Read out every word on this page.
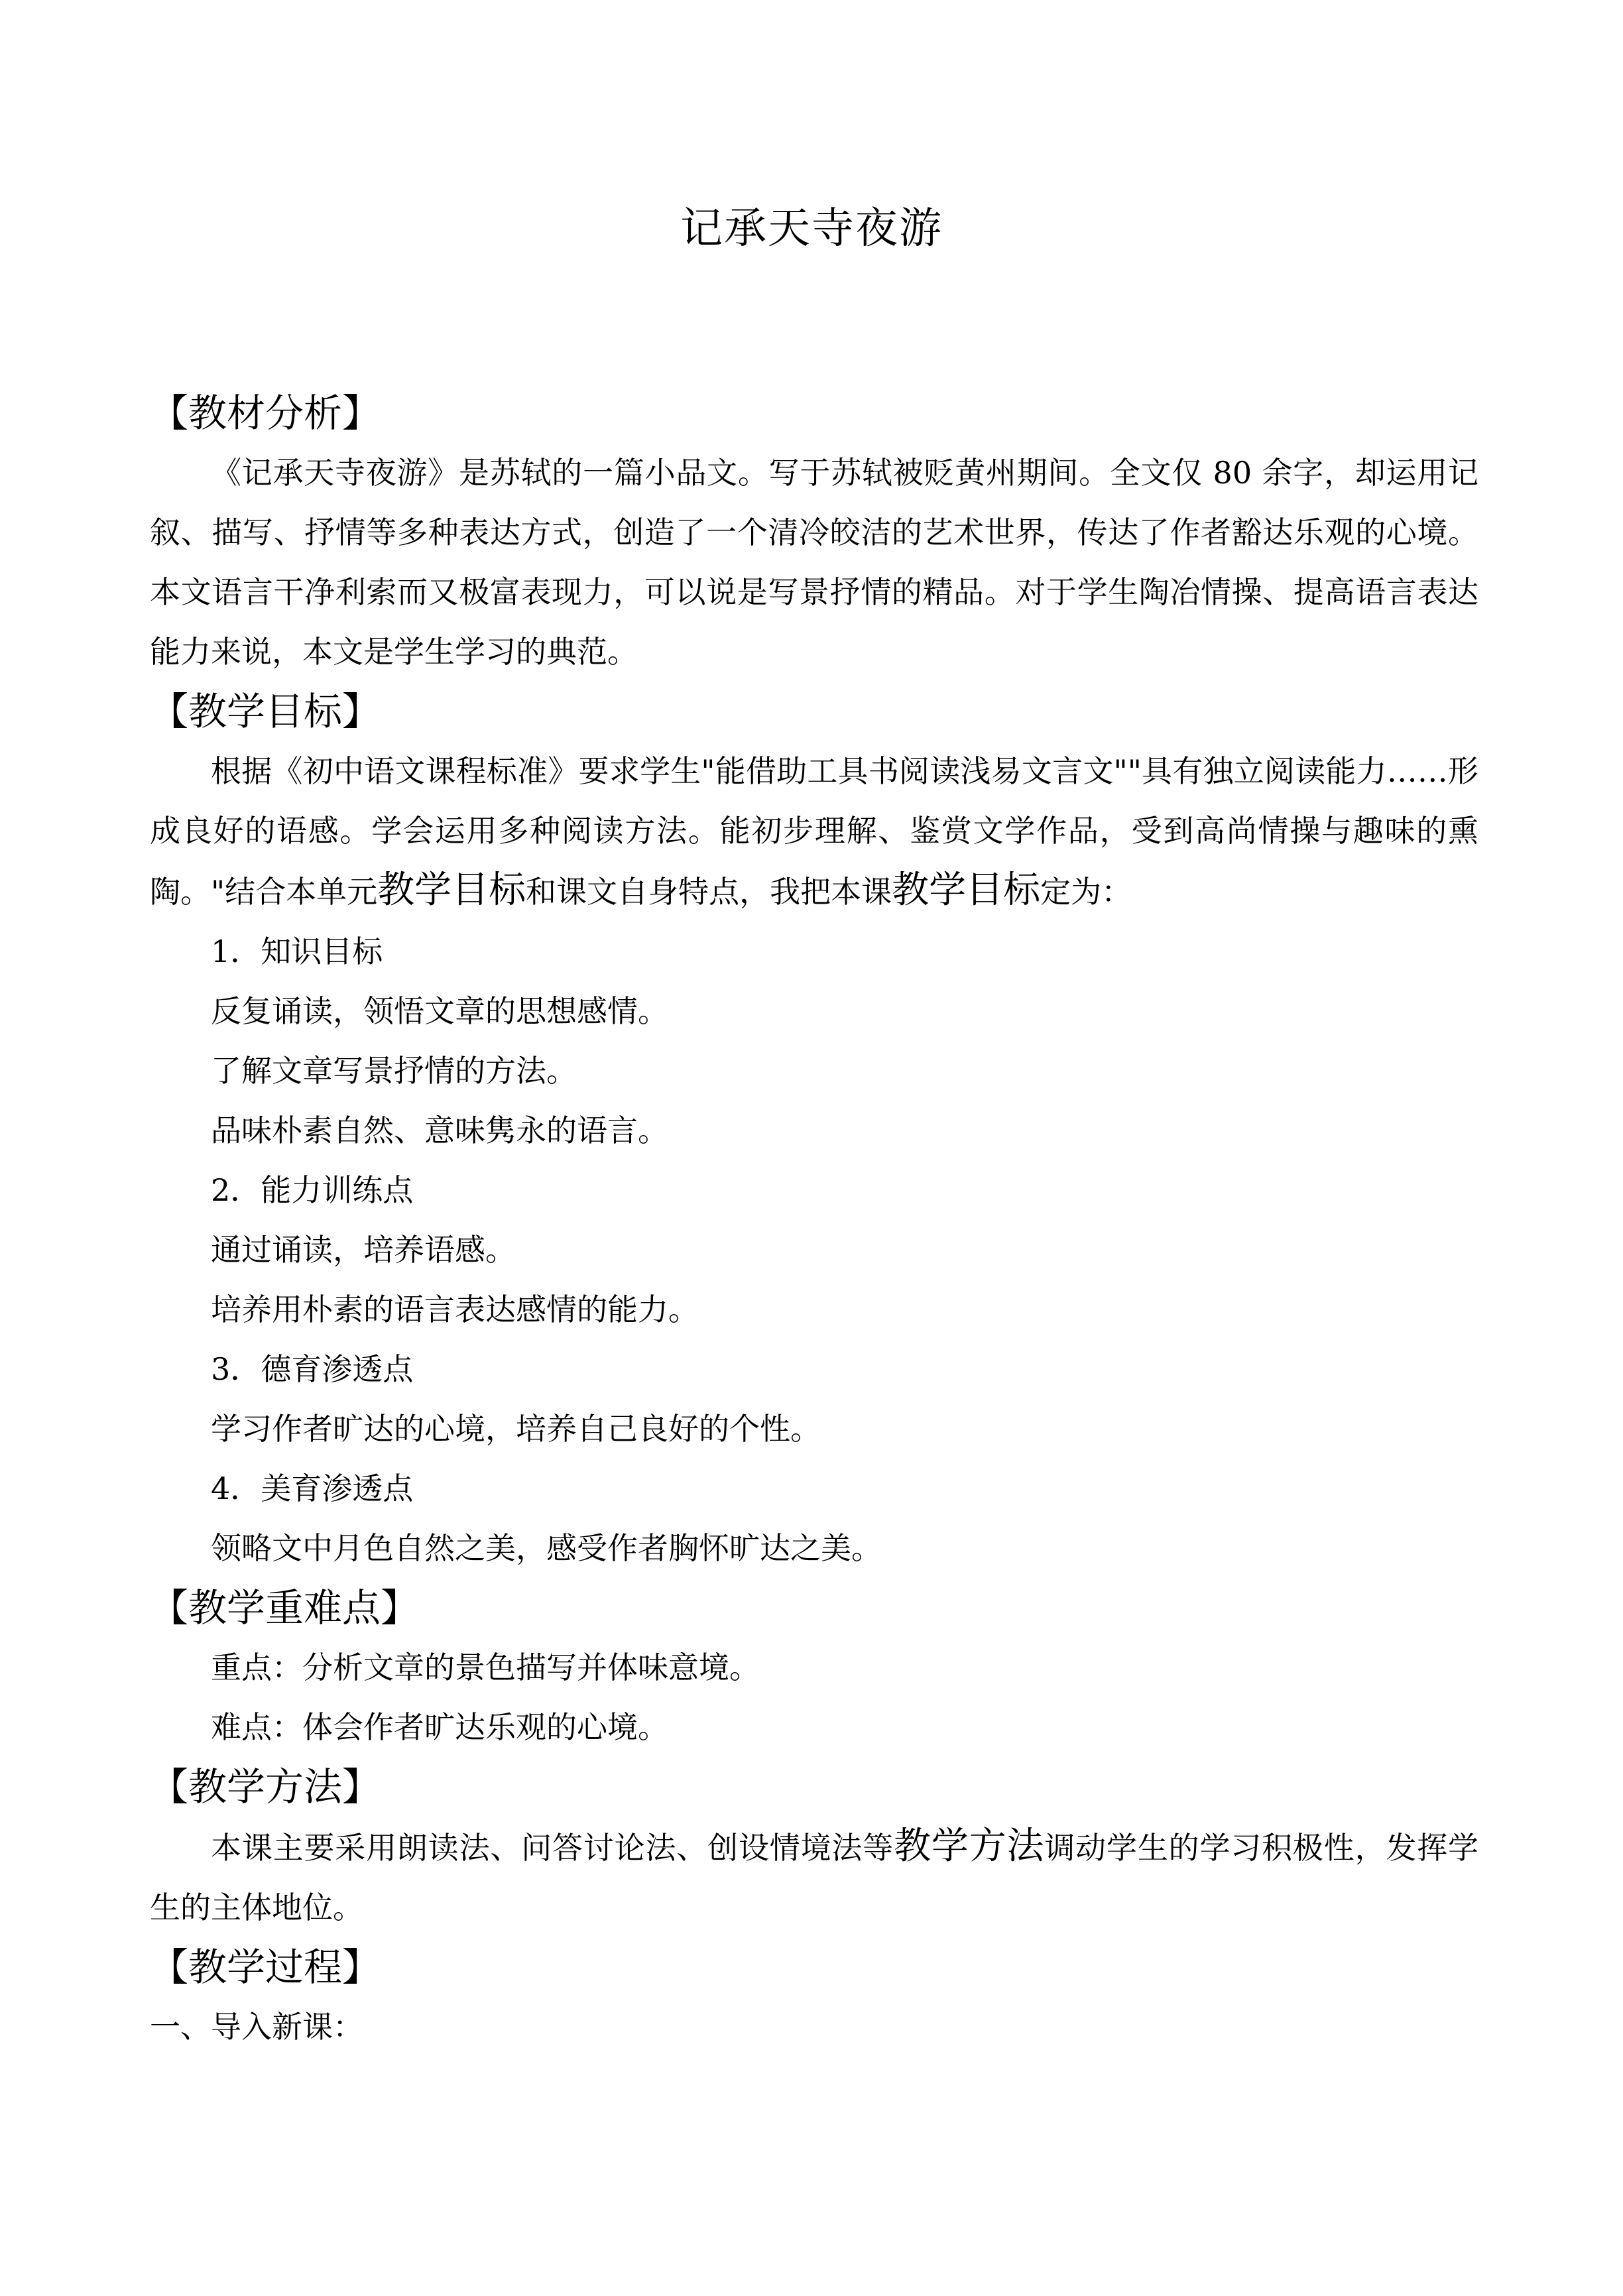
记承天寺夜游

【教材分析】

《记承天寺夜游》是苏轼的一篇小品文。写于苏轼被贬黄州期间。全文仅 80 余字，却运用记叙、描写、抒情等多种表达方式，创造了一个清冷皎洁的艺术世界，传达了作者豁达乐观的心境。本文语言干净利索而又极富表现力，可以说是写景抒情的精品。对于学生陶冶情操、提高语言表达能力来说，本文是学生学习的典范。

【教学目标】

根据《初中语文课程标准》要求学生"能借助工具书阅读浅易文言文""具有独立阅读能力……形成良好的语感。学会运用多种阅读方法。能初步理解、鉴赏文学作品，受到高尚情操与趣味的熏陶。"结合本单元教学目标和课文自身特点，我把本课教学目标定为：

1．知识目标

反复诵读，领悟文章的思想感情。

了解文章写景抒情的方法。

品味朴素自然、意味隽永的语言。

2．能力训练点

通过诵读，培养语感。

培养用朴素的语言表达感情的能力。

3．德育渗透点

学习作者旷达的心境，培养自己良好的个性。

4．美育渗透点

领略文中月色自然之美，感受作者胸怀旷达之美。

【教学重难点】

重点：分析文章的景色描写并体味意境。

难点：体会作者旷达乐观的心境。

【教学方法】

本课主要采用朗读法、问答讨论法、创设情境法等教学方法调动学生的学习积极性，发挥学生的主体地位。

【教学过程】

一、导入新课：
